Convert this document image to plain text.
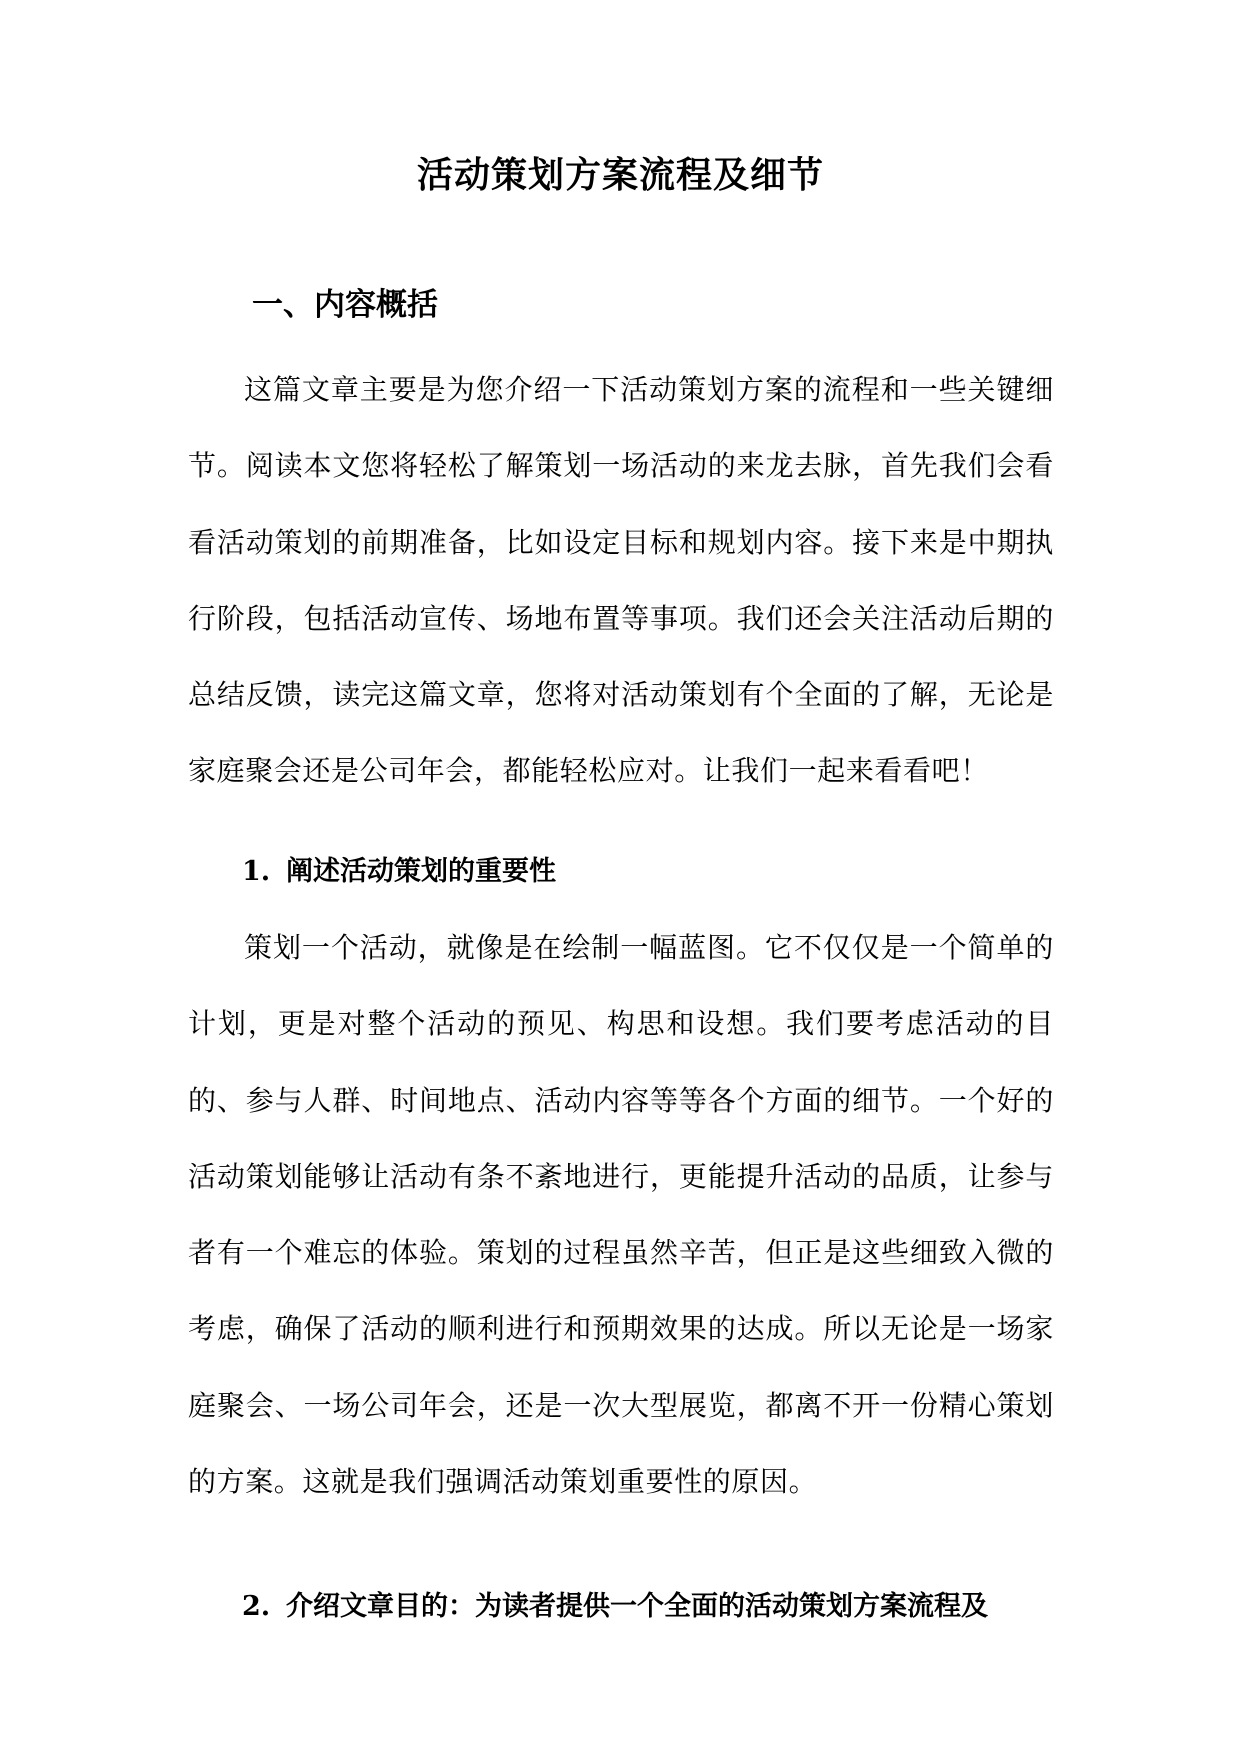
活动策划方案流程及细节
一、内容概括

这篇文章主要是为您介绍一下活动策划方案的流程和一些关键细节。阅读本文您将轻松了解策划一场活动的来龙去脉，首先我们会看看活动策划的前期准备，比如设定目标和规划内容。接下来是中期执行阶段，包括活动宣传、场地布置等事项。我们还会关注活动后期的总结反馈，读完这篇文章，您将对活动策划有个全面的了解，无论是家庭聚会还是公司年会，都能轻松应对。让我们一起来看看吧！

1. 阐述活动策划的重要性

策划一个活动，就像是在绘制一幅蓝图。它不仅仅是一个简单的计划，更是对整个活动的预见、构思和设想。我们要考虑活动的目的、参与人群、时间地点、活动内容等等各个方面的细节。一个好的活动策划能够让活动有条不紊地进行，更能提升活动的品质，让参与者有一个难忘的体验。策划的过程虽然辛苦，但正是这些细致入微的考虑，确保了活动的顺利进行和预期效果的达成。所以无论是一场家庭聚会、一场公司年会，还是一次大型展览，都离不开一份精心策划的方案。这就是我们强调活动策划重要性的原因。

2. 介绍文章目的：为读者提供一个全面的活动策划方案流程及
